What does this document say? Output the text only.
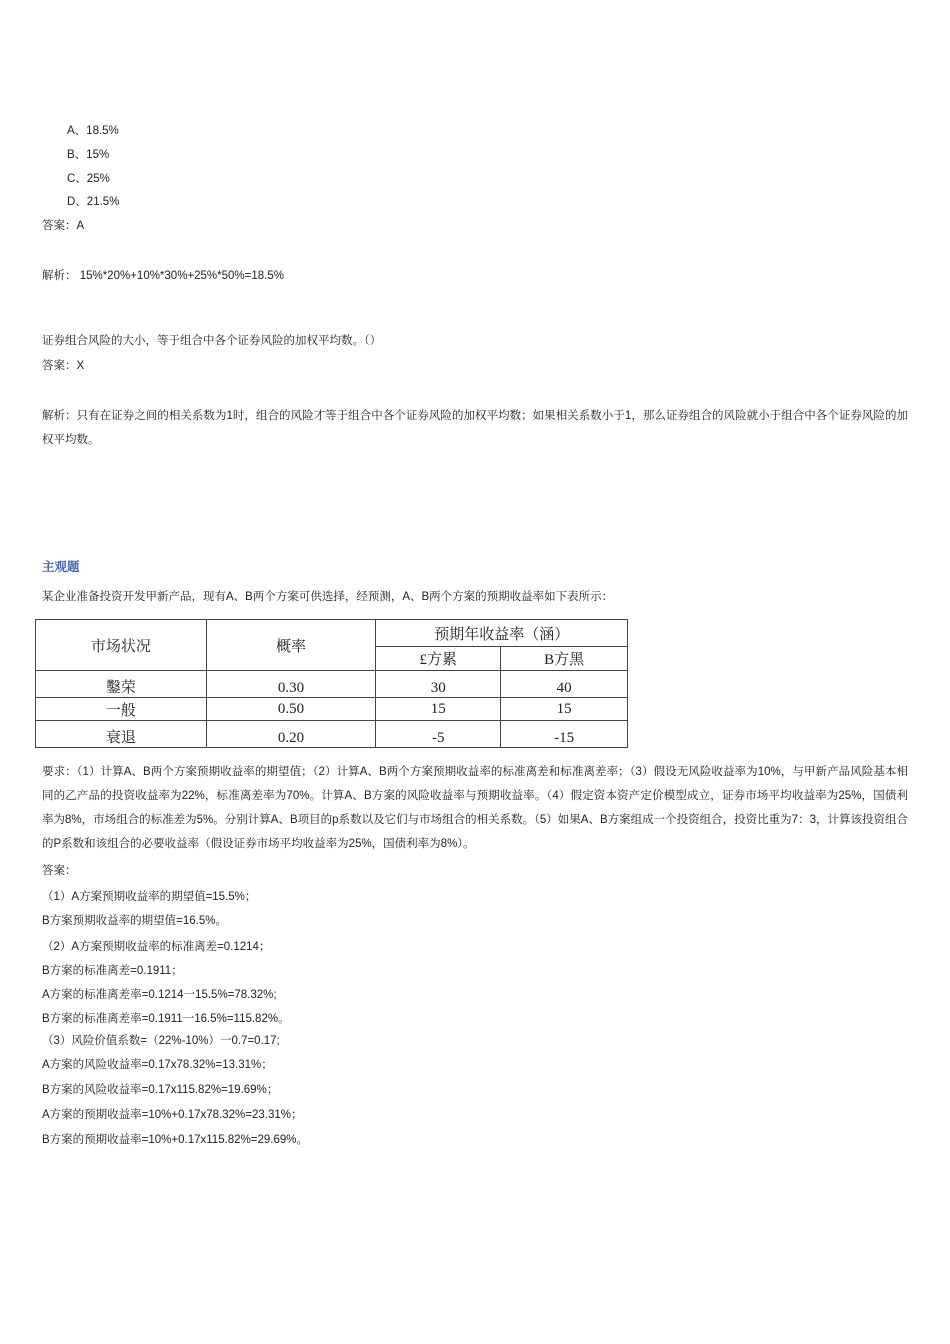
A、18.5%
B、15%
C、25%
D、21.5%
答案：A
解析： 15%*20%+10%*30%+25%*50%=18.5%
证券组合风险的大小，等于组合中各个证券风险的加权平均数。（）
答案：X
解析：只有在证券之间的相关系数为1时，组合的风险才等于组合中各个证券风险的加权平均数；如果相关系数小于1，那么证券组合的风险就小于组合中各个证券风险的加权平均数。
主观题
某企业准备投资开发甲新产品，现有A、B两个方案可供选择，经预测，A、B两个方案的预期收益率如下表所示：
市场状况	概率	预期年收益率（涵）	
		£方累	B方黑
鑿荣	0.30	30	40
一般	0.50	15	15
衰退	0.20	-5	-15
要求：（1）计算A、B两个方案预期收益率的期望值；（2）计算A、B两个方案预期收益率的标准离差和标准离差率；（3）假设无风险收益率为10%，与甲新产品风险基本相同的乙产品的投资收益率为22%，标准离差率为70%。计算A、B方案的风险收益率与预期收益率。（4）假定资本资产定价模型成立，证券市场平均收益率为25%，国债利率为8%，市场组合的标准差为5%。分别计算A、B项目的p系数以及它们与市场组合的相关系数。（5）如果A、B方案组成一个投资组合，投资比重为7：3，计算该投资组合的P系数和该组合的必要收益率（假设证券市场平均收益率为25%，国债利率为8%）。
答案：
（1）A方案预期收益率的期望值=15.5%；
B方案预期收益率的期望值=16.5%。
（2）A方案预期收益率的标准离差=0.1214；
B方案的标准离差=0.1911；
A方案的标准离差率=0.1214一15.5%=78.32%;
B方案的标准离差率=0.1911一16.5%=115.82%。
（3）风险价值系数=（22%-10%）一0.7=0.17;
A方案的风险收益率=0.17x78.32%=13.31%；
B方案的风险收益率=0.17x115.82%=19.69%；
A方案的预期收益率=10%+0.17x78.32%=23.31%；
B方案的预期收益率=10%+0.17x115.82%=29.69%。
